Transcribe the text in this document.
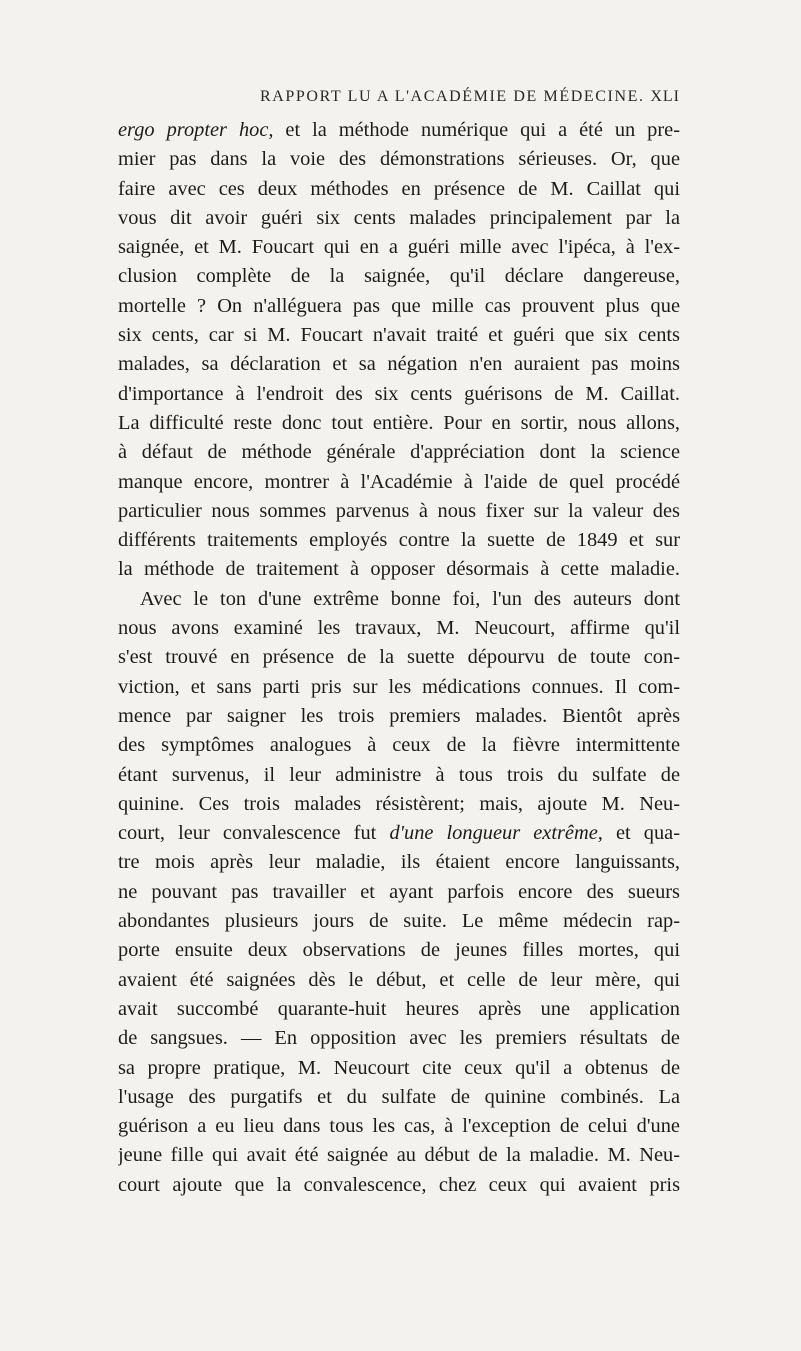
RAPPORT LU A L'ACADÉMIE DE MÉDECINE. XLI
ergo propter hoc, et la méthode numérique qui a été un pre-
mier pas dans la voie des démonstrations sérieuses. Or, que
faire avec ces deux méthodes en présence de M. Caillat qui
vous dit avoir guéri six cents malades principalement par la
saignée, et M. Foucart qui en a guéri mille avec l'ipéca, à l'ex-
clusion complète de la saignée, qu'il déclare dangereuse,
mortelle ? On n'alléguera pas que mille cas prouvent plus que
six cents, car si M. Foucart n'avait traité et guéri que six cents
malades, sa déclaration et sa négation n'en auraient pas moins
d'importance à l'endroit des six cents guérisons de M. Caillat.
La difficulté reste donc tout entière. Pour en sortir, nous allons,
à défaut de méthode générale d'appréciation dont la science
manque encore, montrer à l'Académie à l'aide de quel procédé
particulier nous sommes parvenus à nous fixer sur la valeur des
différents traitements employés contre la suette de 1849 et sur
la méthode de traitement à opposer désormais à cette maladie.
Avec le ton d'une extrême bonne foi, l'un des auteurs dont
nous avons examiné les travaux, M. Neucourt, affirme qu'il
s'est trouvé en présence de la suette dépourvu de toute con-
viction, et sans parti pris sur les médications connues. Il com-
mence par saigner les trois premiers malades. Bientôt après
des symptômes analogues à ceux de la fièvre intermittente
étant survenus, il leur administre à tous trois du sulfate de
quinine. Ces trois malades résistèrent; mais, ajoute M. Neu-
court, leur convalescence fut d'une longueur extrême, et qua-
tre mois après leur maladie, ils étaient encore languissants,
ne pouvant pas travailler et ayant parfois encore des sueurs
abondantes plusieurs jours de suite. Le même médecin rap-
porte ensuite deux observations de jeunes filles mortes, qui
avaient été saignées dès le début, et celle de leur mère, qui
avait succombé quarante-huit heures après une application
de sangsues. — En opposition avec les premiers résultats de
sa propre pratique, M. Neucourt cite ceux qu'il a obtenus de
l'usage des purgatifs et du sulfate de quinine combinés. La
guérison a eu lieu dans tous les cas, à l'exception de celui d'une
jeune fille qui avait été saignée au début de la maladie. M. Neu-
court ajoute que la convalescence, chez ceux qui avaient pris
